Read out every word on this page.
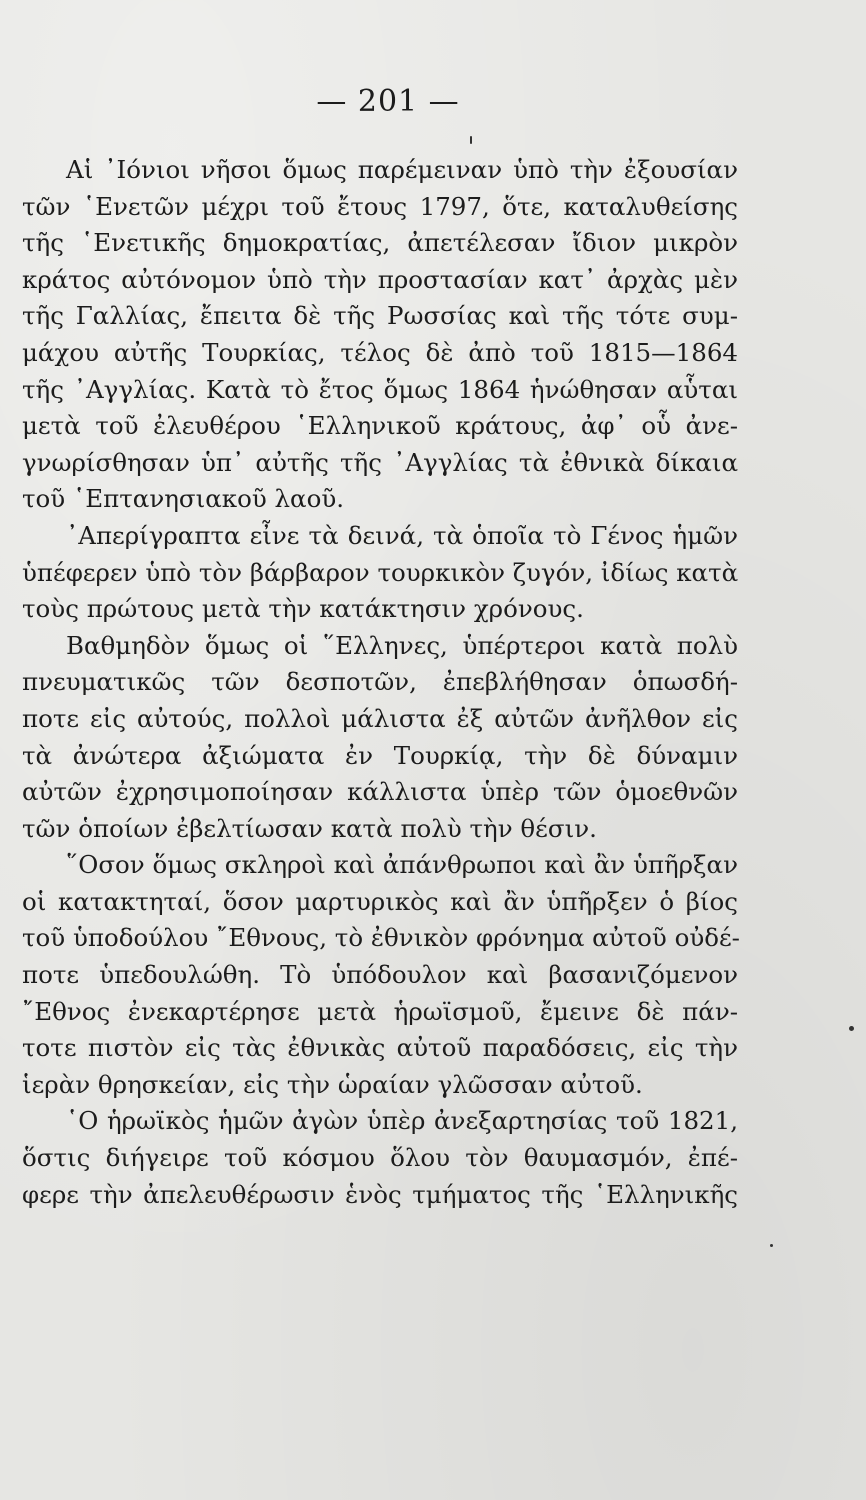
— 201 —
Αἱ ᾿Ιόνιοι νῆσοι ὅμως παρέμειναν ὑπὸ τὴν ἐξουσίαν
τῶν ῾Ενετῶν μέχρι τοῦ ἔτους 1797, ὅτε, καταλυθείσης
τῆς ῾Ενετικῆς δημοκρατίας, ἀπετέλεσαν ἴδιον μικρὸν
κράτος αὐτόνομον ὑπὸ τὴν προστασίαν κατ᾿ ἀρχὰς μὲν
τῆς Γαλλίας, ἔπειτα δὲ τῆς Ρωσσίας καὶ τῆς τότε συμ-
μάχου αὐτῆς Τουρκίας, τέλος δὲ ἀπὸ τοῦ 1815—1864
τῆς ᾿Αγγλίας. Κατὰ τὸ ἔτος ὅμως 1864 ἡνώθησαν αὗται
μετὰ τοῦ ἐλευθέρου ῾Ελληνικοῦ κράτους, ἀφ᾿ οὗ ἀνε-
γνωρίσθησαν ὑπ᾿ αὐτῆς τῆς ᾿Αγγλίας τὰ ἐθνικὰ δίκαια
τοῦ ῾Επτανησιακοῦ λαοῦ.
᾿Απερίγραπτα εἶνε τὰ δεινά, τὰ ὁποῖα τὸ Γένος ἡμῶν
ὑπέφερεν ὑπὸ τὸν βάρβαρον τουρκικὸν ζυγόν, ἰδίως κατὰ
τοὺς πρώτους μετὰ τὴν κατάκτησιν χρόνους.
Βαθμηδὸν ὅμως οἱ ῞Ελληνες, ὑπέρτεροι κατὰ πολὺ
πνευματικῶς τῶν δεσποτῶν, ἐπεβλήθησαν ὁπωσδή-
ποτε εἰς αὐτούς, πολλοὶ μάλιστα ἐξ αὐτῶν ἀνῆλθον εἰς
τὰ ἀνώτερα ἀξιώματα ἐν Τουρκίᾳ, τὴν δὲ δύναμιν
αὐτῶν ἐχρησιμοποίησαν κάλλιστα ὑπὲρ τῶν ὁμοεθνῶν
τῶν ὁποίων ἐβελτίωσαν κατὰ πολὺ τὴν θέσιν.
῞Οσον ὅμως σκληροὶ καὶ ἀπάνθρωποι καὶ ἂν ὑπῆρξαν
οἱ κατακτηταί, ὅσον μαρτυρικὸς καὶ ἂν ὑπῆρξεν ὁ βίος
τοῦ ὑποδούλου ῎Εθνους, τὸ ἐθνικὸν φρόνημα αὐτοῦ οὐδέ-
ποτε ὑπεδουλώθη. Τὸ ὑπόδουλον καὶ βασανιζόμενον
῎Εθνος ἐνεκαρτέρησε μετὰ ἡρωϊσμοῦ, ἔμεινε δὲ πάν-
τοτε πιστὸν εἰς τὰς ἐθνικὰς αὐτοῦ παραδόσεις, εἰς τὴν
ἱερὰν θρησκείαν, εἰς τὴν ὡραίαν γλῶσσαν αὐτοῦ.
῾Ο ἡρωϊκὸς ἡμῶν ἀγὼν ὑπὲρ ἀνεξαρτησίας τοῦ 1821,
ὅστις διήγειρε τοῦ κόσμου ὅλου τὸν θαυμασμόν, ἐπέ-
φερε τὴν ἀπελευθέρωσιν ἑνὸς τμήματος τῆς ῾Ελληνικῆς
